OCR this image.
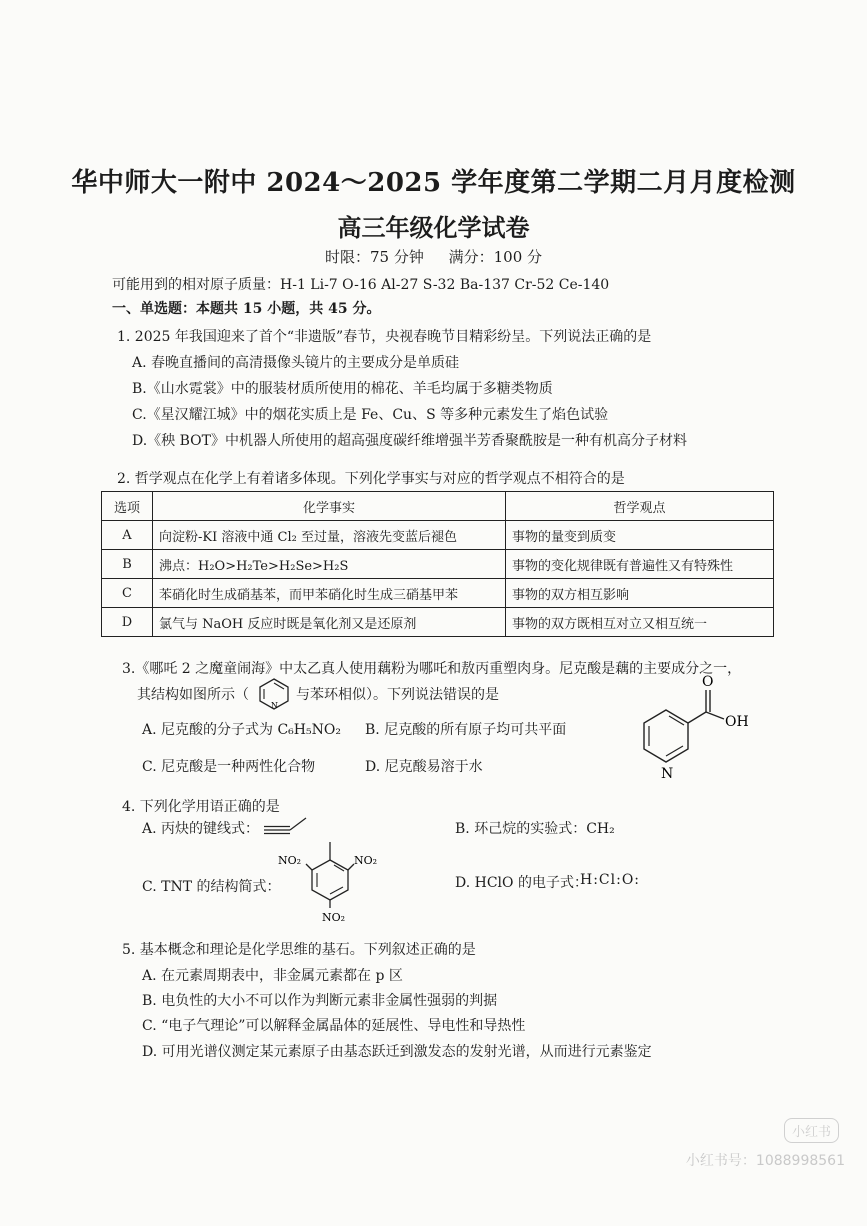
华中师大一附中 2024～2025 学年度第二学期二月月度检测
高三年级化学试卷
时限：75 分钟 满分：100 分
可能用到的相对原子质量：H-1 Li-7 O-16 Al-27 S-32 Ba-137 Cr-52 Ce-140
一、单选题：本题共 15 小题，共 45 分。
1. 2025 年我国迎来了首个“非遗版”春节，央视春晚节目精彩纷呈。下列说法正确的是
A. 春晚直播间的高清摄像头镜片的主要成分是单质硅
B.《山水霓裳》中的服装材质所使用的棉花、羊毛均属于多糖类物质
C.《星汉耀江城》中的烟花实质上是 Fe、Cu、S 等多种元素发生了焰色试验
D.《秧 BOT》中机器人所使用的超高强度碳纤维增强半芳香聚酰胺是一种有机高分子材料
2. 哲学观点在化学上有着诸多体现。下列化学事实与对应的哲学观点不相符合的是
选项	化学事实	哲学观点
A	向淀粉-KI 溶液中通 Cl₂ 至过量，溶液先变蓝后褪色	事物的量变到质变
B	沸点：H₂O>H₂Te>H₂Se>H₂S	事物的变化规律既有普遍性又有特殊性
C	苯硝化时生成硝基苯，而甲苯硝化时生成三硝基甲苯	事物的双方相互影响
D	氯气与 NaOH 反应时既是氧化剂又是还原剂	事物的双方既相互对立又相互统一
3.《哪吒 2 之魔童闹海》中太乙真人使用藕粉为哪吒和敖丙重塑肉身。尼克酸是藕的主要成分之一，
其结构如图所示（
N
与苯环相似）。下列说法错误的是
A. 尼克酸的分子式为 C₆H₅NO₂ B. 尼克酸的所有原子均可共平面
C. 尼克酸是一种两性化合物	D. 尼克酸易溶于水
O
OH
N
4. 下列化学用语正确的是
A. 丙炔的键线式：	B. 环己烷的实验式：CH₂
C. TNT 的结构简式：
NO₂	NO₂
NO₂
D. HClO 的电子式：
H:Cl:O:
5. 基本概念和理论是化学思维的基石。下列叙述正确的是
A. 在元素周期表中，非金属元素都在 p 区
B. 电负性的大小不可以作为判断元素非金属性强弱的判据
C. “电子气理论”可以解释金属晶体的延展性、导电性和导热性
D. 可用光谱仪测定某元素原子由基态跃迁到激发态的发射光谱，从而进行元素鉴定
小红书
小红书号：1088998561
